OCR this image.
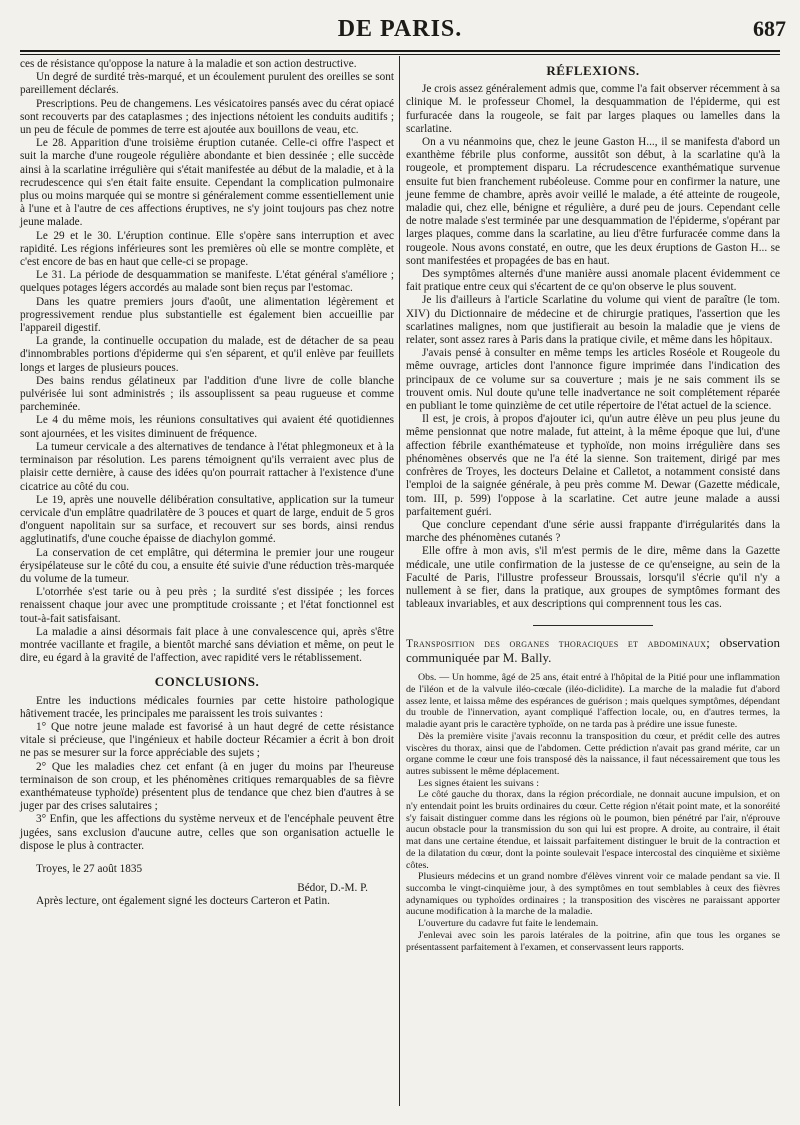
DE PARIS.	687

ces de résistance qu'oppose la nature à la maladie et son action destructive.

Un degré de surdité très-marqué, et un écoulement purulent des oreilles se sont pareillement déclarés.

Prescriptions. Peu de changemens. Les vésicatoires pansés avec du cérat opiacé sont recouverts par des cataplasmes ; des injections nétoient les conduits auditifs ; un peu de fécule de pommes de terre est ajoutée aux bouillons de veau, etc.

Le 28. Apparition d'une troisième éruption cutanée. Celle-ci offre l'aspect et suit la marche d'une rougeole régulière abondante et bien dessinée ; elle succède ainsi à la scarlatine irrégulière qui s'était manifestée au début de la maladie, et à la recrudescence qui s'en était faite ensuite. Cependant la complication pulmonaire plus ou moins marquée qui se montre si généralement comme essentiellement unie à l'une et à l'autre de ces affections éruptives, ne s'y joint toujours pas chez notre jeune malade.

Le 29 et le 30. L'éruption continue. Elle s'opère sans interruption et avec rapidité. Les régions inférieures sont les premières où elle se montre complète, et c'est encore de bas en haut que celle-ci se propage.

Le 31. La période de desquammation se manifeste. L'état général s'améliore ; quelques potages légers accordés au malade sont bien reçus par l'estomac.

Dans les quatre premiers jours d'août, une alimentation légèrement et progressivement rendue plus substantielle est également bien accueillie par l'appareil digestif.

La grande, la continuelle occupation du malade, est de détacher de sa peau d'innombrables portions d'épiderme qui s'en séparent, et qu'il enlève par feuillets longs et larges de plusieurs pouces.

Des bains rendus gélatineux par l'addition d'une livre de colle blanche pulvérisée lui sont administrés ; ils assouplissent sa peau rugueuse et comme parcheminée.

Le 4 du même mois, les réunions consultatives qui avaient été quotidiennes sont ajournées, et les visites diminuent de fréquence.

La tumeur cervicale a des alternatives de tendance à l'état phlegmoneux et à la terminaison par résolution. Les parens témoignent qu'ils verraient avec plus de plaisir cette dernière, à cause des idées qu'on pourrait rattacher à l'existence d'une cicatrice au côté du cou.

Le 19, après une nouvelle délibération consultative, application sur la tumeur cervicale d'un emplâtre quadrilatère de 3 pouces et quart de large, enduit de 5 gros d'onguent napolitain sur sa surface, et recouvert sur ses bords, ainsi rendus agglutinatifs, d'une couche épaisse de diachylon gommé.

La conservation de cet emplâtre, qui détermina le premier jour une rougeur érysipélateuse sur le côté du cou, a ensuite été suivie d'une réduction très-marquée du volume de la tumeur.

L'otorrhée s'est tarie ou à peu près ; la surdité s'est dissipée ; les forces renaissent chaque jour avec une promptitude croissante ; et l'état fonctionnel est tout-à-fait satisfaisant.

La maladie a ainsi désormais fait place à une convalescence qui, après s'être montrée vacillante et fragile, a bientôt marché sans déviation et même, on peut le dire, eu égard à la gravité de l'affection, avec rapidité vers le rétablissement.

CONCLUSIONS.

Entre les inductions médicales fournies par cette histoire pathologique hâtivement tracée, les principales me paraissent les trois suivantes :

1° Que notre jeune malade est favorisé à un haut degré de cette résistance vitale si précieuse, que l'ingénieux et habile docteur Récamier a écrit à bon droit ne pas se mesurer sur la force appréciable des sujets ;

2° Que les maladies chez cet enfant (à en juger du moins par l'heureuse terminaison de son croup, et les phénomènes critiques remarquables de sa fièvre exanthémateuse typhoïde) présentent plus de tendance que chez bien d'autres à se juger par des crises salutaires ;

3° Enfin, que les affections du système nerveux et de l'encéphale peuvent être jugées, sans exclusion d'aucune autre, celles que son organisation actuelle le dispose le plus à contracter.

Troyes, le 27 août 1835

Bédor, D.-M. P.

Après lecture, ont également signé les docteurs Carteron et Patin.

RÉFLEXIONS.

Je crois assez généralement admis que, comme l'a fait observer récemment à sa clinique M. le professeur Chomel, la desquammation de l'épiderme, qui est furfuracée dans la rougeole, se fait par larges plaques ou lamelles dans la scarlatine.

On a vu néanmoins que, chez le jeune Gaston H..., il se manifesta d'abord un exanthème fébrile plus conforme, aussitôt son début, à la scarlatine qu'à la rougeole, et promptement disparu. La récrudescence exanthématique survenue ensuite fut bien franchement rubéoleuse. Comme pour en confirmer la nature, une jeune femme de chambre, après avoir veillé le malade, a été atteinte de rougeole, maladie qui, chez elle, bénigne et régulière, a duré peu de jours. Cependant celle de notre malade s'est terminée par une desquammation de l'épiderme, s'opérant par larges plaques, comme dans la scarlatine, au lieu d'être furfuracée comme dans la rougeole. Nous avons constaté, en outre, que les deux éruptions de Gaston H... se sont manifestées et propagées de bas en haut.

Des symptômes alternés d'une manière aussi anomale placent évidemment ce fait pratique entre ceux qui s'écartent de ce qu'on observe le plus souvent.

Je lis d'ailleurs à l'article Scarlatine du volume qui vient de paraître (le tom. XIV) du Dictionnaire de médecine et de chirurgie pratiques, l'assertion que les scarlatines malignes, nom que justifierait au besoin la maladie que je viens de relater, sont assez rares à Paris dans la pratique civile, et même dans les hôpitaux.

J'avais pensé à consulter en même temps les articles Roséole et Rougeole du même ouvrage, articles dont l'annonce figure imprimée dans l'indication des principaux de ce volume sur sa couverture ; mais je ne sais comment ils se trouvent omis. Nul doute qu'une telle inadvertance ne soit complétement réparée en publiant le tome quinzième de cet utile répertoire de l'état actuel de la science.

Il est, je crois, à propos d'ajouter ici, qu'un autre élève un peu plus jeune du même pensionnat que notre malade, fut atteint, à la même époque que lui, d'une affection fébrile exanthémateuse et typhoïde, non moins irrégulière dans ses phénomènes observés que ne l'a été la sienne. Son traitement, dirigé par mes confrères de Troyes, les docteurs Delaine et Calletot, a notamment consisté dans l'emploi de la saignée générale, à peu près comme M. Dewar (Gazette médicale, tom. III, p. 599) l'oppose à la scarlatine. Cet autre jeune malade a aussi parfaitement guéri.

Que conclure cependant d'une série aussi frappante d'irrégularités dans la marche des phénomènes cutanés ?

Elle offre à mon avis, s'il m'est permis de le dire, même dans la Gazette médicale, une utile confirmation de la justesse de ce qu'enseigne, au sein de la Faculté de Paris, l'illustre professeur Broussais, lorsqu'il s'écrie qu'il n'y a nullement à se fier, dans la pratique, aux groupes de symptômes formant des tableaux invariables, et aux descriptions qui comprennent tous les cas.

Transposition des organes thoraciques et abdominaux; observation communiquée par M. Bally.

Obs. — Un homme, âgé de 25 ans, était entré à l'hôpital de la Pitié pour une inflammation de l'iléon et de la valvule iléo-cœcale (iléo-diclidite). La marche de la maladie fut d'abord assez lente, et laissa même des espérances de guérison ; mais quelques symptômes, dépendant du trouble de l'innervation, ayant compliqué l'affection locale, ou, en d'autres termes, la maladie ayant pris le caractère typhoïde, on ne tarda pas à prédire une issue funeste.

Dès la première visite j'avais reconnu la transposition du cœur, et prédit celle des autres viscères du thorax, ainsi que de l'abdomen. Cette prédiction n'avait pas grand mérite, car un organe comme le cœur une fois transposé dès la naissance, il faut nécessairement que tous les autres subissent le même déplacement.

Les signes étaient les suivans :

Le côté gauche du thorax, dans la région précordiale, ne donnait aucune impulsion, et on n'y entendait point les bruits ordinaires du cœur. Cette région n'était point mate, et la sonoréité s'y faisait distinguer comme dans les régions où le poumon, bien pénétré par l'air, n'éprouve aucun obstacle pour la transmission du son qui lui est propre. A droite, au contraire, il était mat dans une certaine étendue, et laissait parfaitement distinguer le bruit de la contraction et de la dilatation du cœur, dont la pointe soulevait l'espace intercostal des cinquième et sixième côtes.

Plusieurs médecins et un grand nombre d'élèves vinrent voir ce malade pendant sa vie. Il succomba le vingt-cinquième jour, à des symptômes en tout semblables à ceux des fièvres adynamiques ou typhoïdes ordinaires ; la transposition des viscères ne paraissant apporter aucune modification à la marche de la maladie.

L'ouverture du cadavre fut faite le lendemain.

J'enlevai avec soin les parois latérales de la poitrine, afin que tous les organes se présentassent parfaitement à l'examen, et conservassent leurs rapports.
